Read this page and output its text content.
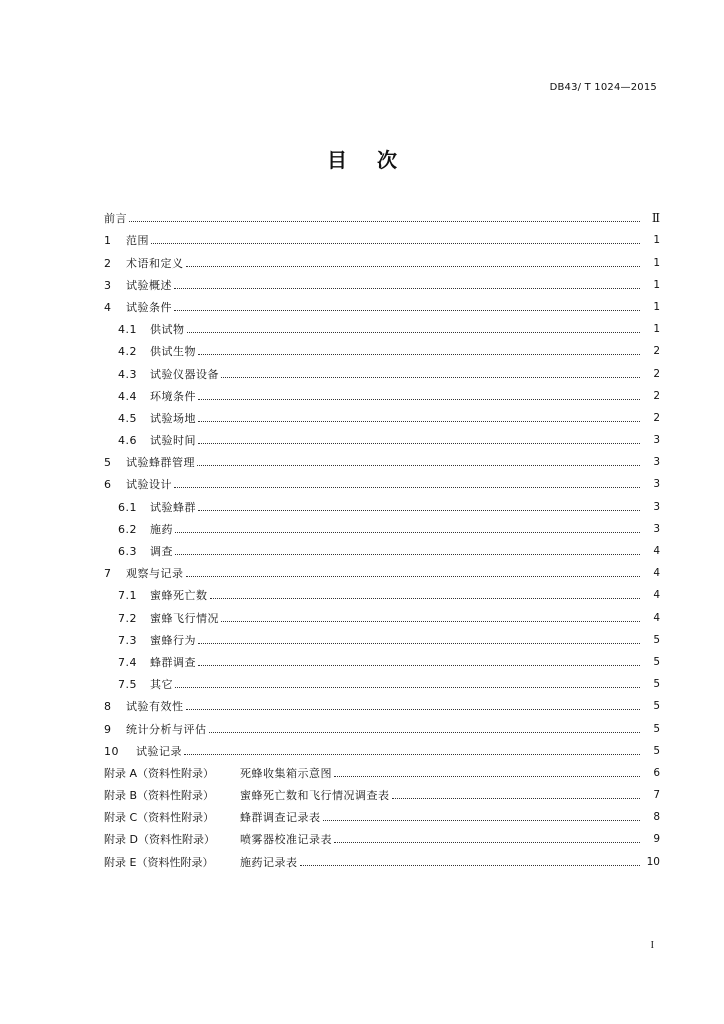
DB43/ T 1024—2015
目 次
前言	Ⅱ
1	范围	1
2	术语和定义	1
3	试验概述	1
4	试验条件	1
4.1	供试物	1
4.2	供试生物	2
4.3	试验仪器设备	2
4.4	环境条件	2
4.5	试验场地	2
4.6	试验时间	3
5	试验蜂群管理	3
6	试验设计	3
6.1	试验蜂群	3
6.2	施药	3
6.3	调查	4
7	观察与记录	4
7.1	蜜蜂死亡数	4
7.2	蜜蜂飞行情况	4
7.3	蜜蜂行为	5
7.4	蜂群调查	5
7.5	其它	5
8	试验有效性	5
9	统计分析与评估	5
10	试验记录	5
附录 A（资料性附录）	死蜂收集箱示意图	6
附录 B（资料性附录）	蜜蜂死亡数和飞行情况调查表	7
附录 C（资料性附录）	蜂群调查记录表	8
附录 D（资料性附录）	喷雾器校准记录表	9
附录 E（资料性附录）	施药记录表	10
I
